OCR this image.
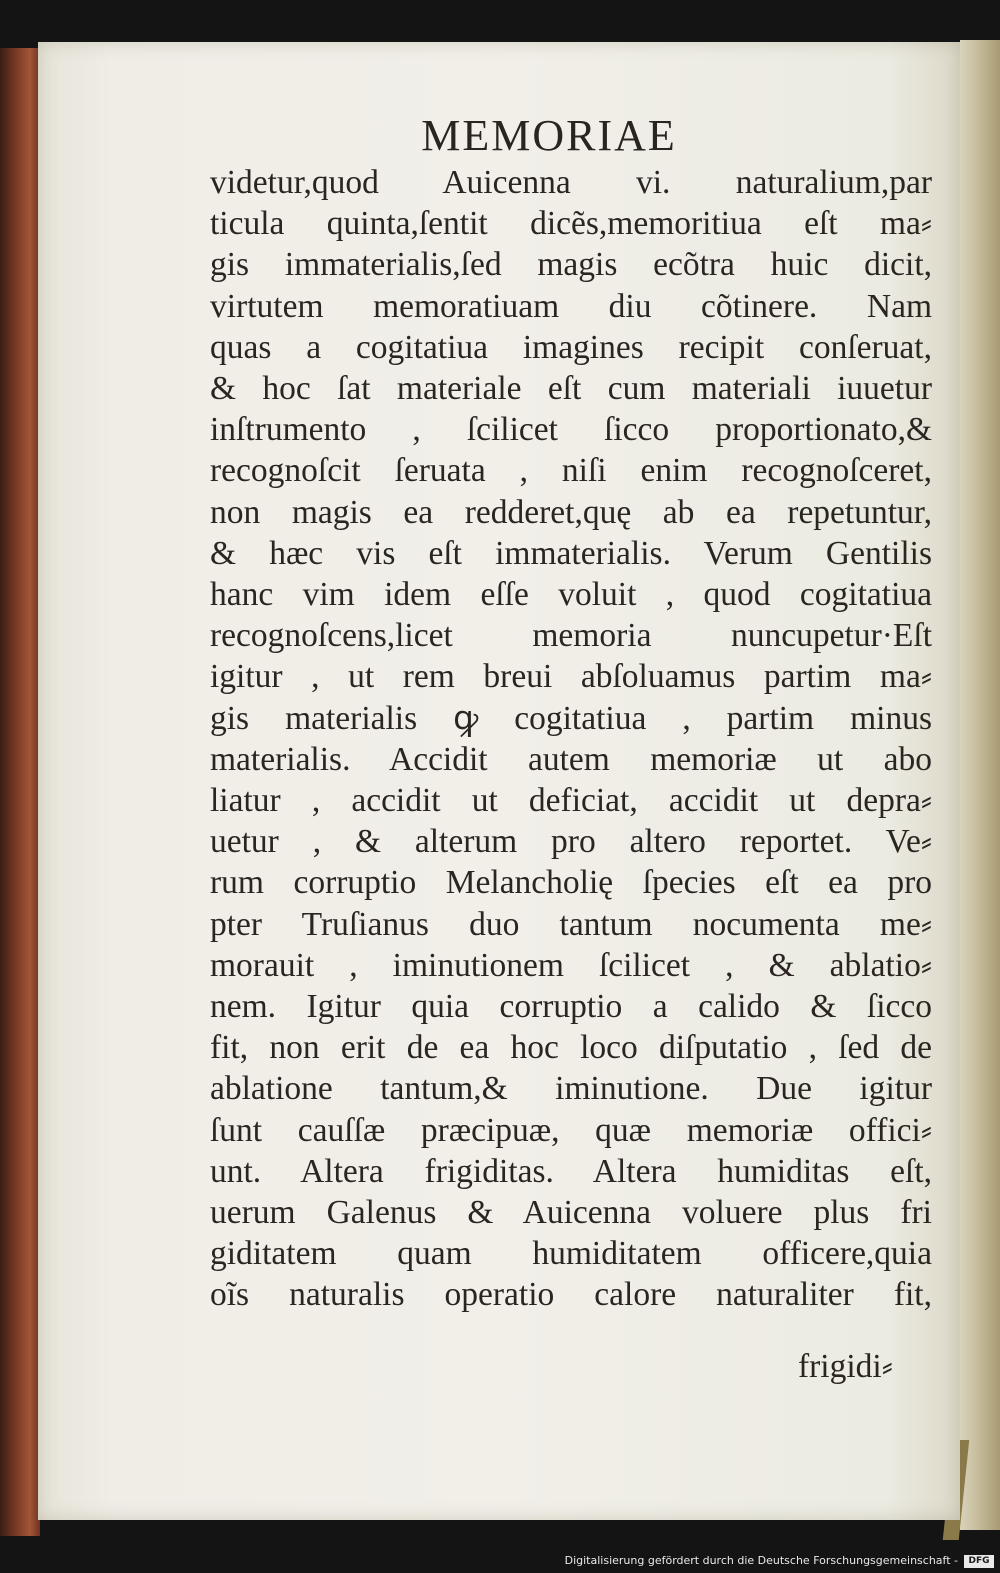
MEMORIAE
videtur,quod Auicenna vi. naturalium,par
ticula quinta,ſentit dicẽs,memoritiua eſt ma⸗
gis immaterialis,ſed magis ecõtra huic dicit,
virtutem memoratiuam diu cõtinere. Nam
quas a cogitatiua imagines recipit conſeruat,
& hoc ſat materiale eſt cum materiali iuuetur
inſtrumento , ſcilicet ſicco proportionato,&
recognoſcit ſeruata , niſi enim recognoſceret,
non magis ea redderet,quę ab ea repetuntur,
& hæc vis eſt immaterialis. Verum Gentilis
hanc vim idem eſſe voluit , quod cogitatiua
recognoſcens,licet memoria nuncupetur·Eſt
igitur , ut rem breui abſoluamus partim ma⸗
gis materialis ꝙ cogitatiua , partim minus
materialis. Accidit autem memoriæ ut abo
liatur , accidit ut deficiat, accidit ut depra⸗
uetur , & alterum pro altero reportet. Ve⸗
rum corruptio Melancholię ſpecies eſt ea pro
pter Truſianus duo tantum nocumenta me⸗
morauit , iminutionem ſcilicet , & ablatio⸗
nem. Igitur quia corruptio a calido & ſicco
fit, non erit de ea hoc loco diſputatio , ſed de
ablatione tantum,& iminutione. Due igitur
ſunt cauſſæ præcipuæ, quæ memoriæ offici⸗
unt. Altera frigiditas. Altera humiditas eſt,
uerum Galenus & Auicenna voluere plus fri
giditatem quam humiditatem officere,quia
oĩs naturalis operatio calore naturaliter fit,
frigidi⸗
Digitalisierung gefördert durch die Deutsche Forschungsgemeinschaft -	DFG
